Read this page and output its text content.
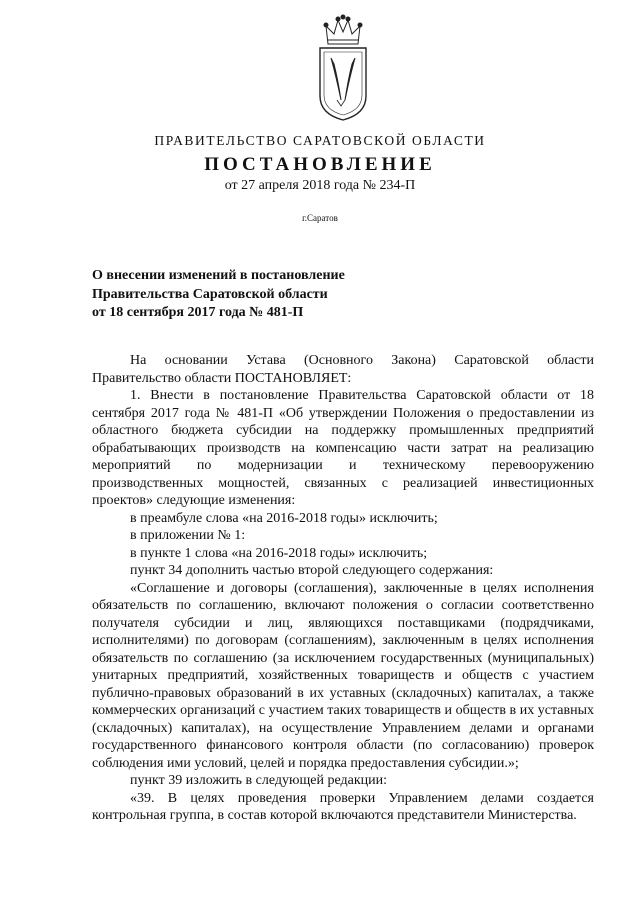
ПРАВИТЕЛЬСТВО САРАТОВСКОЙ ОБЛАСТИ
ПОСТАНОВЛЕНИЕ
от 27 апреля 2018 года № 234-П
г.Саратов
О внесении изменений в постановление
Правительства Саратовской области
от 18 сентября 2017 года № 481-П

На основании Устава (Основного Закона) Саратовской области Правительство области ПОСТАНОВЛЯЕТ:

1. Внести в постановление Правительства Саратовской области от 18 сентября 2017 года № 481-П «Об утверждении Положения о предоставлении из областного бюджета субсидии на поддержку промышленных предприятий обрабатывающих производств на компенсацию части затрат на реализацию мероприятий по модернизации и техническому перевооружению производственных мощностей, связанных с реализацией инвестиционных проектов» следующие изменения:

в преамбуле слова «на 2016-2018 годы» исключить;

в приложении № 1:

в пункте 1 слова «на 2016-2018 годы» исключить;

пункт 34 дополнить частью второй следующего содержания:

«Соглашение и договоры (соглашения), заключенные в целях исполнения обязательств по соглашению, включают положения о согласии соответственно получателя субсидии и лиц, являющихся поставщиками (подрядчиками, исполнителями) по договорам (соглашениям), заключенным в целях исполнения обязательств по соглашению (за исключением государственных (муниципальных) унитарных предприятий, хозяйственных товариществ и обществ с участием публично-правовых образований в их уставных (складочных) капиталах, а также коммерческих организаций с участием таких товариществ и обществ в их уставных (складочных) капиталах), на осуществление Управлением делами и органами государственного финансового контроля области (по согласованию) проверок соблюдения ими условий, целей и порядка предоставления субсидии.»;

пункт 39 изложить в следующей редакции:

«39. В целях проведения проверки Управлением делами создается контрольная группа, в состав которой включаются представители Министерства.
